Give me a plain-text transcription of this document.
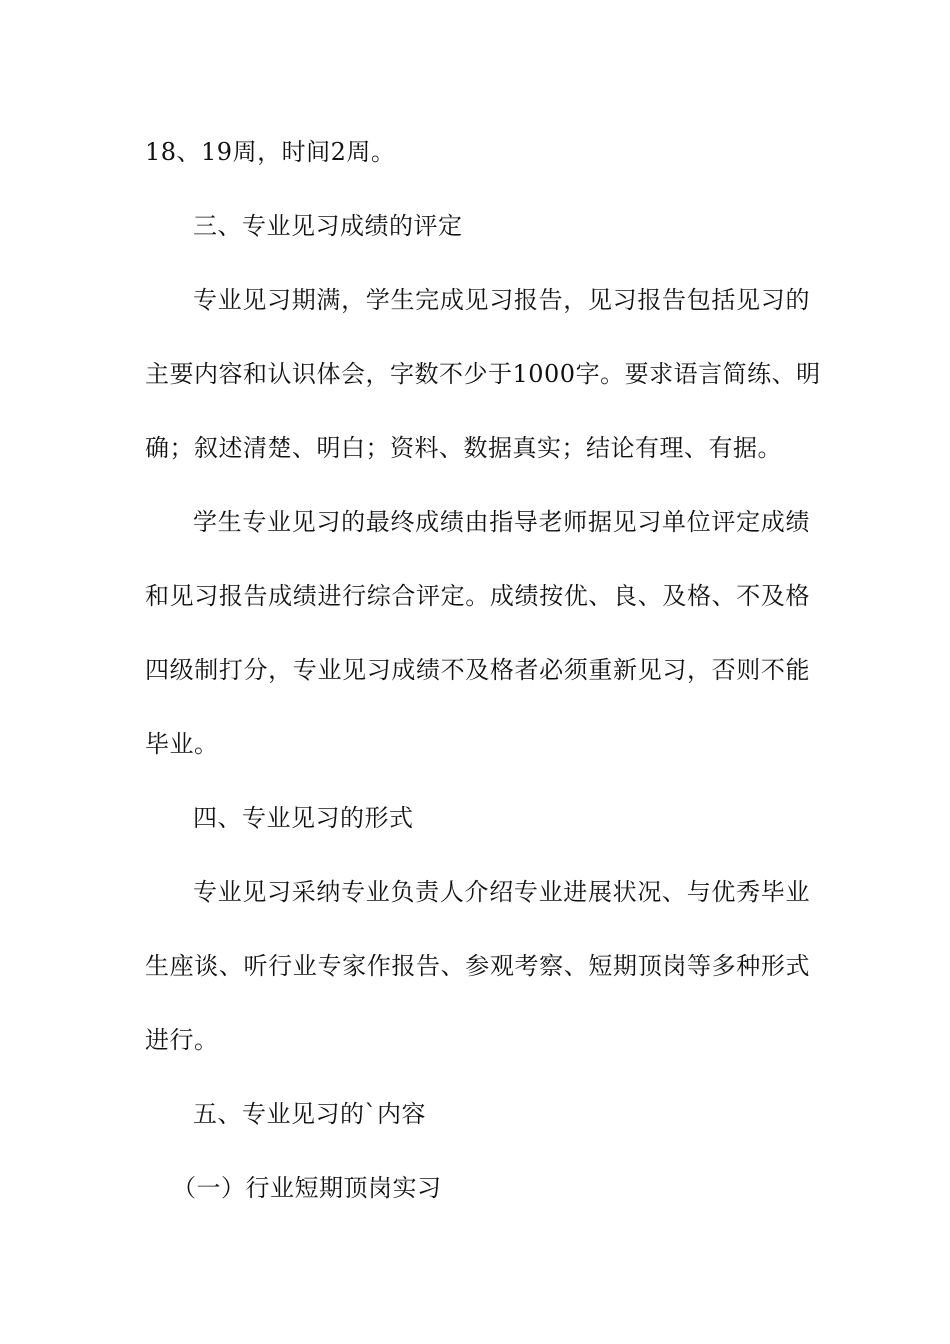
18、19周，时间2周。
三、专业见习成绩的评定
专业见习期满，学生完成见习报告，见习报告包括见习的
主要内容和认识体会，字数不少于1000字。要求语言简练、明
确；叙述清楚、明白；资料、数据真实；结论有理、有据。
学生专业见习的最终成绩由指导老师据见习单位评定成绩
和见习报告成绩进行综合评定。成绩按优、良、及格、不及格
四级制打分，专业见习成绩不及格者必须重新见习，否则不能
毕业。
四、专业见习的形式
专业见习采纳专业负责人介绍专业进展状况、与优秀毕业
生座谈、听行业专家作报告、参观考察、短期顶岗等多种形式
进行。
五、专业见习的`内容
（一）行业短期顶岗实习
